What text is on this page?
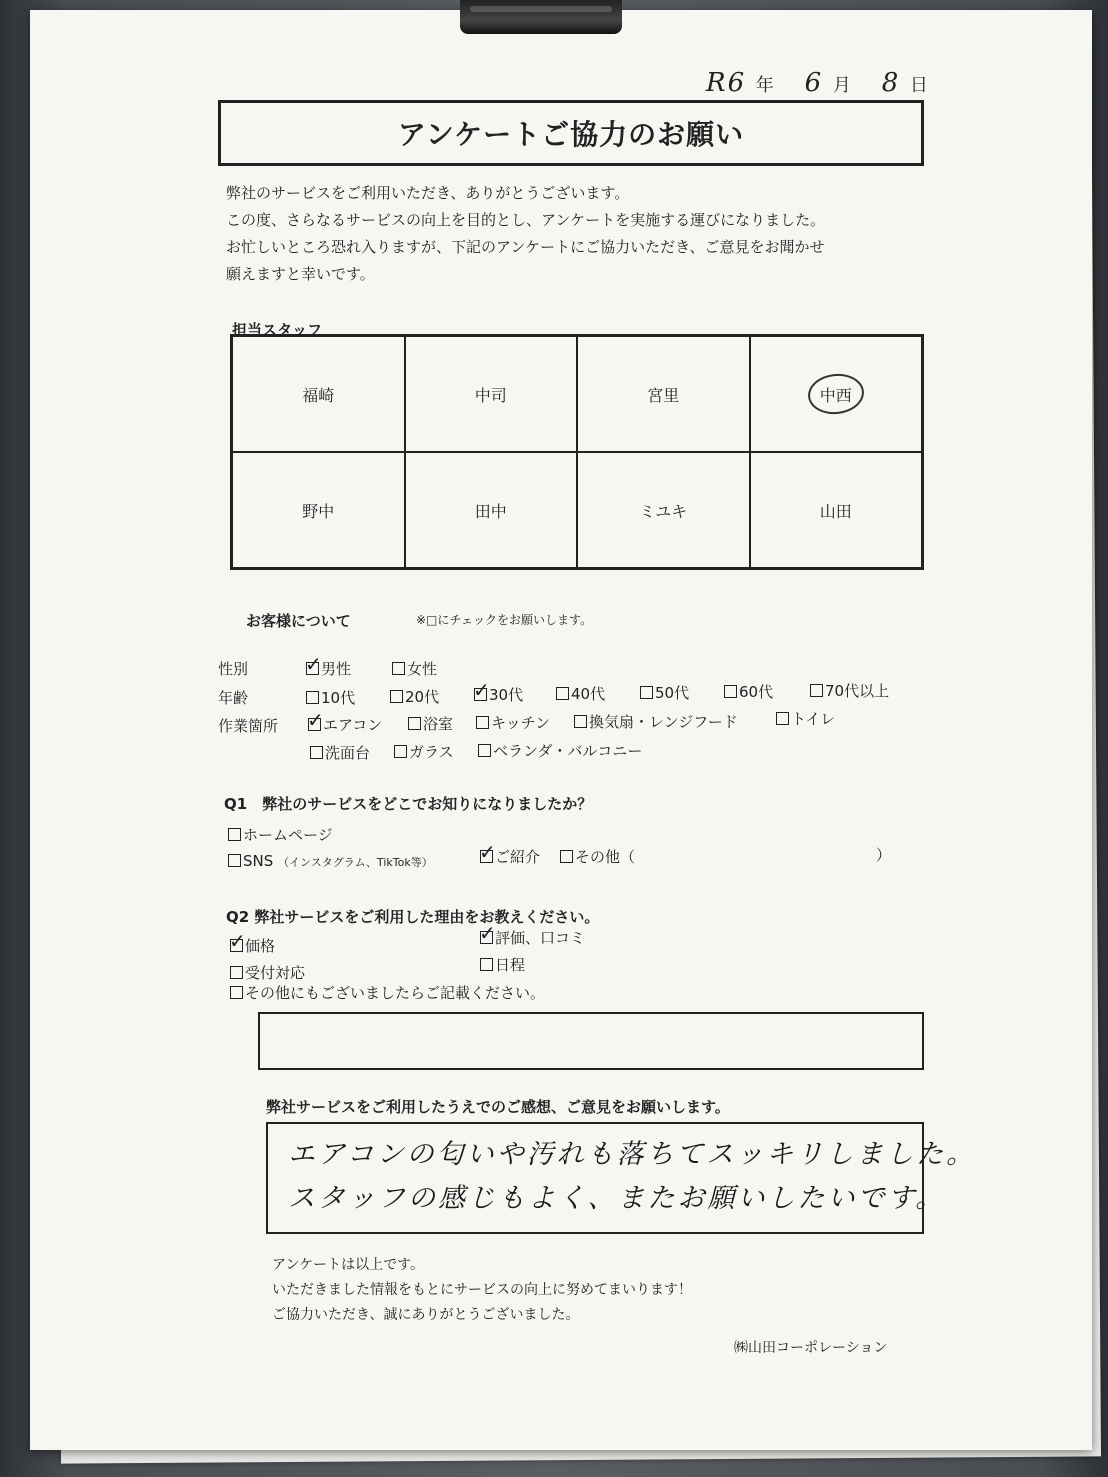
R6 年 6 月 8 日
アンケートご協力のお願い
弊社のサービスをご利用いただき、ありがとうございます。
この度、さらなるサービスの向上を目的とし、アンケートを実施する運びになりました。
お忙しいところ恐れ入りますが、下記のアンケートにご協力いただき、ご意見をお聞かせ
願えますと幸いです。
担当スタッフ
福崎	中司	宮里	中西
野中	田中	ミユキ	山田
お客様について	※□にチェックをお願いします。
性別	✓ 男性	女性
年齢	10代	20代 ✓ 30代	40代	50代	60代	70代以上
作業箇所 ✓ エアコン	浴室	キッチン	換気扇・レンジフード	トイレ
洗面台	ガラス	ベランダ・バルコニー
Q1　弊社のサービスをどこでお知りになりましたか？
ホームページ
SNS （インスタグラム、TikTok等） ✓ ご紹介	その他（	）
Q2 弊社サービスをご利用した理由をお教えください。
✓ 価格
✓ 評価、口コミ
受付対応	日程
その他にもございましたらご記載ください。
弊社サービスをご利用したうえでのご感想、ご意見をお願いします。
エアコンの匂いや汚れも落ちてスッキリしました。
スタッフの感じもよく、またお願いしたいです。
アンケートは以上です。
いただきました情報をもとにサービスの向上に努めてまいります！
ご協力いただき、誠にありがとうございました。
㈱山田コーポレーション
